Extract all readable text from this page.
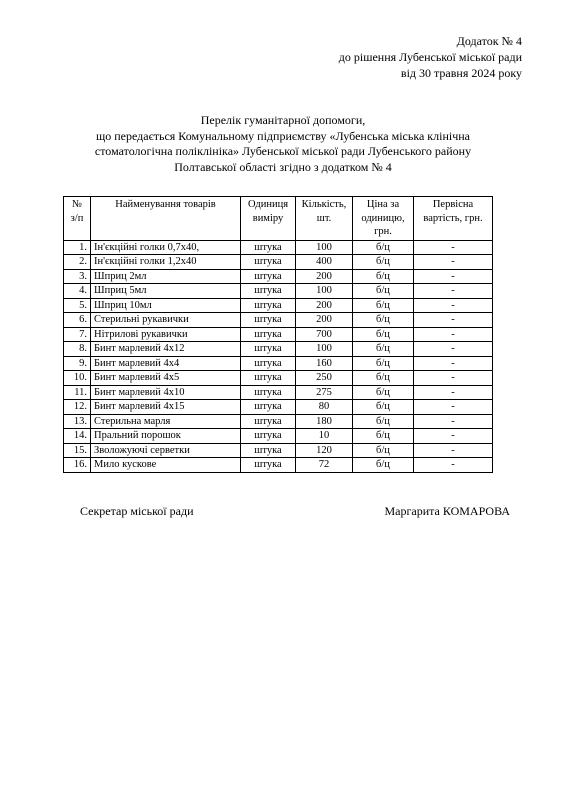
Додаток № 4
до рішення Лубенської міської ради
від 30 травня 2024 року
Перелік гуманітарної допомоги,
що передається Комунальному підприємству «Лубенська міська клінічна
стоматологічна поліклініка» Лубенської міської ради Лубенського району
Полтавської області згідно з додатком № 4
№
з/п	Найменування товарів	Одиниця виміру	Кількість, шт.	Ціна за одиницю, грн.	Первісна вартість, грн.
1.	Ін'єкційні голки 0,7х40,	штука	100	б/ц	-
2.	Ін'єкційні голки 1,2х40	штука	400	б/ц	-
3.	Шприц 2мл	штука	200	б/ц	-
4.	Шприц 5мл	штука	100	б/ц	-
5.	Шприц 10мл	штука	200	б/ц	-
6.	Стерильні рукавички	штука	200	б/ц	-
7.	Нітрилові рукавички	штука	700	б/ц	-
8.	Бинт марлевий 4х12	штука	100	б/ц	-
9.	Бинт марлевий 4х4	штука	160	б/ц	-
10.	Бинт марлевий 4х5	штука	250	б/ц	-
11.	Бинт марлевий 4х10	штука	275	б/ц	-
12.	Бинт марлевий 4х15	штука	80	б/ц	-
13.	Стерильна марля	штука	180	б/ц	-
14.	Пральний порошок	штука	10	б/ц	-
15.	Зволожуючі серветки	штука	120	б/ц	-
16.	Мило кускове	штука	72	б/ц	-
Секретар міської ради	Маргарита КОМАРОВА
